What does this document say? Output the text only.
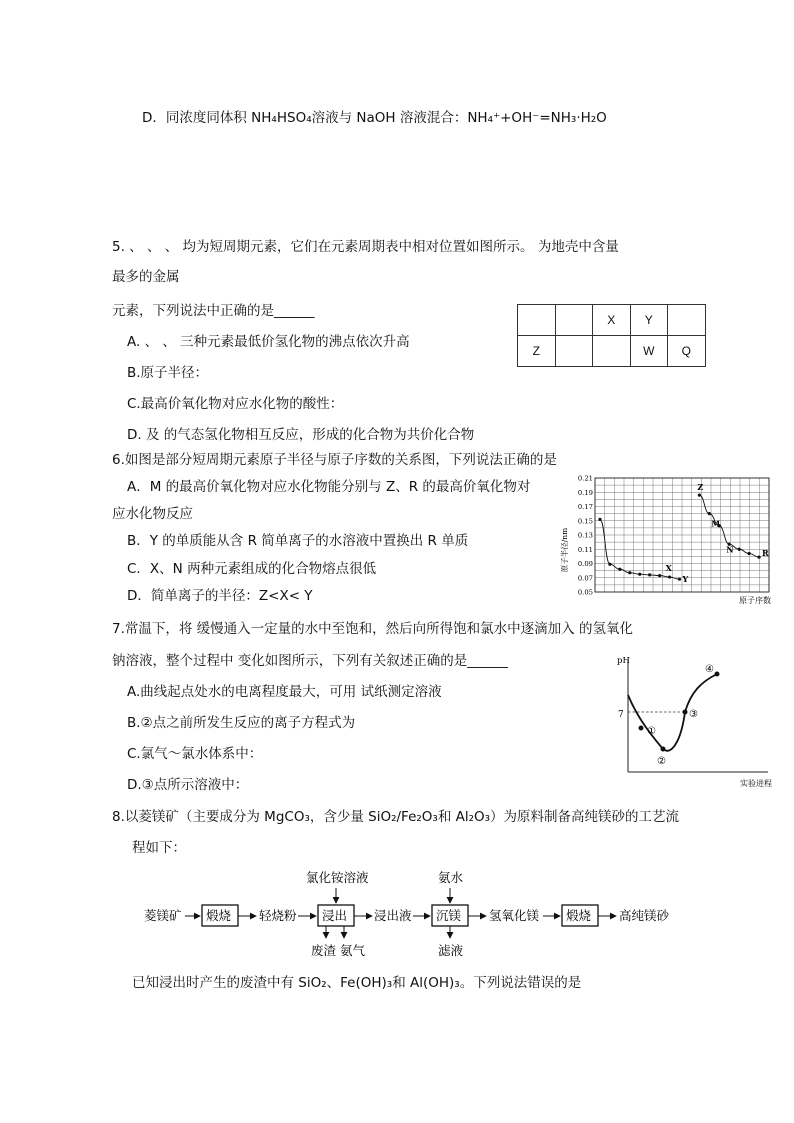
D．同浓度同体积 NH₄HSO₄溶液与 NaOH 溶液混合：NH₄⁺+OH⁻=NH₃·H₂O
5. 、 、 、 均为短周期元素，它们在元素周期表中相对位置如图所示。 为地壳中含量
最多的金属
元素，下列说法中正确的是______
A. 、 、 三种元素最低价氢化物的沸点依次升高
B.原子半径：
C.最高价氧化物对应水化物的酸性：
D. 及 的气态氢化物相互反应，形成的化合物为共价化合物
		X	Y	
Z			W	Q
6.如图是部分短周期元素原子半径与原子序数的关系图，下列说法正确的是
A．M 的最高价氧化物对应水化物能分别与 Z、R 的最高价氧化物对
应水化物反应
B．Y 的单质能从含 R 简单离子的水溶液中置换出 R 单质
C．X、N 两种元素组成的化合物熔点很低
D．简单离子的半径：Z<X< Y
0.21
0.19
0.17
0.15
0.13
0.11
0.09
0.07
0.05
X
Y
Z
M
N	R
原子半径/nm
原子序数
7.常温下，将 缓慢通入一定量的水中至饱和，然后向所得饱和氯水中逐滴加入 的氢氧化
钠溶液，整个过程中 变化如图所示，下列有关叙述正确的是______
A.曲线起点处水的电离程度最大，可用 试纸测定溶液
B.②点之前所发生反应的离子方程式为
C.氯气～氯水体系中：
D.③点所示溶液中：
pH
7
①
②
③
④
实验进程
8.以菱镁矿（主要成分为 MgCO₃，含少量 SiO₂/Fe₂O₃和 Al₂O₃）为原料制备高纯镁砂的工艺流
程如下：
菱镁矿 煅烧 轻烧粉 浸出
氯化铵溶液
废渣 氨气
浸出液 沉镁
氨水
滤液
氢氧化镁 煅烧 高纯镁砂
已知浸出时产生的废渣中有 SiO₂、Fe(OH)₃和 Al(OH)₃。下列说法错误的是
